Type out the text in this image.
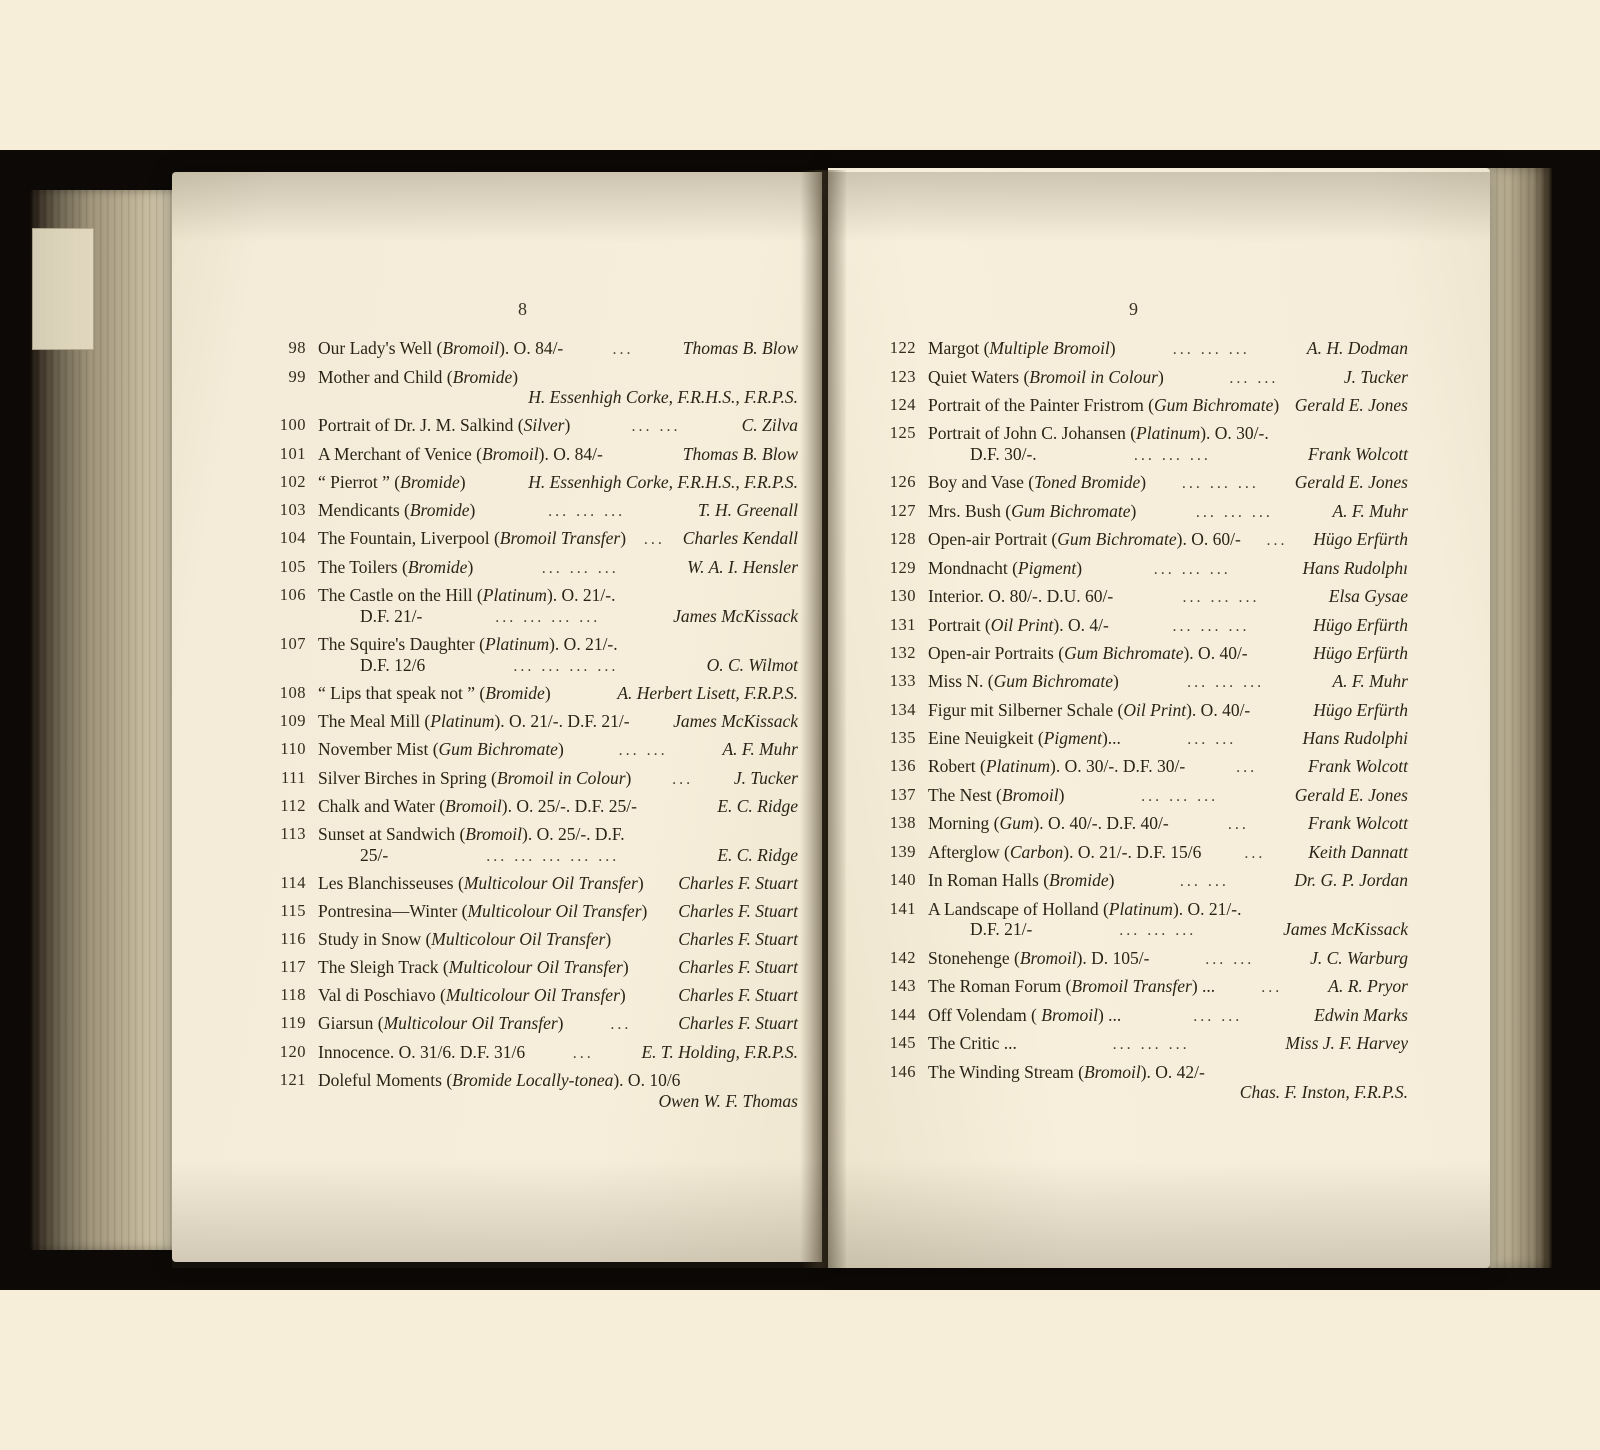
8
98 Our Lady's Well (Bromoil). O. 84/-	...	Thomas B. Blow
99 Mother and Child (Bromide)
H. Essenhigh Corke, F.R.H.S., F.R.P.S.
100 Portrait of Dr. J. M. Salkind (Silver)	... ...	C. Zilva
101 A Merchant of Venice (Bromoil). O. 84/-	Thomas B. Blow
102 “ Pierrot ” (Bromide)	H. Essenhigh Corke, F.R.H.S., F.R.P.S.
103 Mendicants (Bromide)	... ... ...	T. H. Greenall
104 The Fountain, Liverpool (Bromoil Transfer)	...	Charles Kendall
105 The Toilers (Bromide)	... ... ...	W. A. I. Hensler
106 The Castle on the Hill (Platinum). O. 21/-.
D.F. 21/-	... ... ... ...	James McKissack
107 The Squire's Daughter (Platinum). O. 21/-.
D.F. 12/6	... ... ... ...	O. C. Wilmot
108 “ Lips that speak not ” (Bromide)	A. Herbert Lisett, F.R.P.S.
109 The Meal Mill (Platinum). O. 21/-. D.F. 21/- James McKissack
110 November Mist (Gum Bichromate)	... ...	A. F. Muhr
111 Silver Birches in Spring (Bromoil in Colour)	...	J. Tucker
112 Chalk and Water (Bromoil). O. 25/-. D.F. 25/-	E. C. Ridge
113 Sunset at Sandwich (Bromoil). O. 25/-. D.F.
25/-	... ... ... ... ...	E. C. Ridge
114 Les Blanchisseuses (Multicolour Oil Transfer) Charles F. Stuart
115 Pontresina—Winter (Multicolour Oil Transfer) Charles F. Stuart
116 Study in Snow (Multicolour Oil Transfer)	Charles F. Stuart
117 The Sleigh Track (Multicolour Oil Transfer)	Charles F. Stuart
118 Val di Poschiavo (Multicolour Oil Transfer)	Charles F. Stuart
119 Giarsun (Multicolour Oil Transfer)	...	Charles F. Stuart
120 Innocence. O. 31/6. D.F. 31/6	...	E. T. Holding, F.R.P.S.
121 Doleful Moments (Bromide Locally-tonea). O. 10/6
Owen W. F. Thomas
9
122 Margot (Multiple Bromoil)	... ... ...	A. H. Dodman
123 Quiet Waters (Bromoil in Colour)	... ...	J. Tucker
124 Portrait of the Painter Fristrom (Gum Bichromate) Gerald E. Jones
125 Portrait of John C. Johansen (Platinum). O. 30/-.
D.F. 30/-.	... ... ...	Frank Wolcott
126 Boy and Vase (Toned Bromide)	... ... ...	Gerald E. Jones
127 Mrs. Bush (Gum Bichromate)	... ... ...	A. F. Muhr
128 Open-air Portrait (Gum Bichromate). O. 60/-	...	Hügo Erfürth
129 Mondnacht (Pigment)	... ... ...	Hans Rudolphı
130 Interior. O. 80/-. D.U. 60/-	... ... ...	Elsa Gysae
131 Portrait (Oil Print). O. 4/-	... ... ...	Hügo Erfürth
132 Open-air Portraits (Gum Bichromate). O. 40/-	Hügo Erfürth
133 Miss N. (Gum Bichromate)	... ... ...	A. F. Muhr
134 Figur mit Silberner Schale (Oil Print). O. 40/-	Hügo Erfürth
135 Eine Neuigkeit (Pigment)...	... ...	Hans Rudolphi
136 Robert (Platinum). O. 30/-. D.F. 30/-	...	Frank Wolcott
137 The Nest (Bromoil)	... ... ...	Gerald E. Jones
138 Morning (Gum). O. 40/-. D.F. 40/-	...	Frank Wolcott
139 Afterglow (Carbon). O. 21/-. D.F. 15/6	...	Keith Dannatt
140 In Roman Halls (Bromide)	... ...	Dr. G. P. Jordan
141 A Landscape of Holland (Platinum). O. 21/-.
D.F. 21/-	... ... ...	James McKissack
142 Stonehenge (Bromoil). D. 105/-	... ...	J. C. Warburg
143 The Roman Forum (Bromoil Transfer) ...	...	A. R. Pryor
144 Off Volendam ( Bromoil) ...	... ...	Edwin Marks
145 The Critic ...	... ... ...	Miss J. F. Harvey
146 The Winding Stream (Bromoil). O. 42/-
Chas. F. Inston, F.R.P.S.
